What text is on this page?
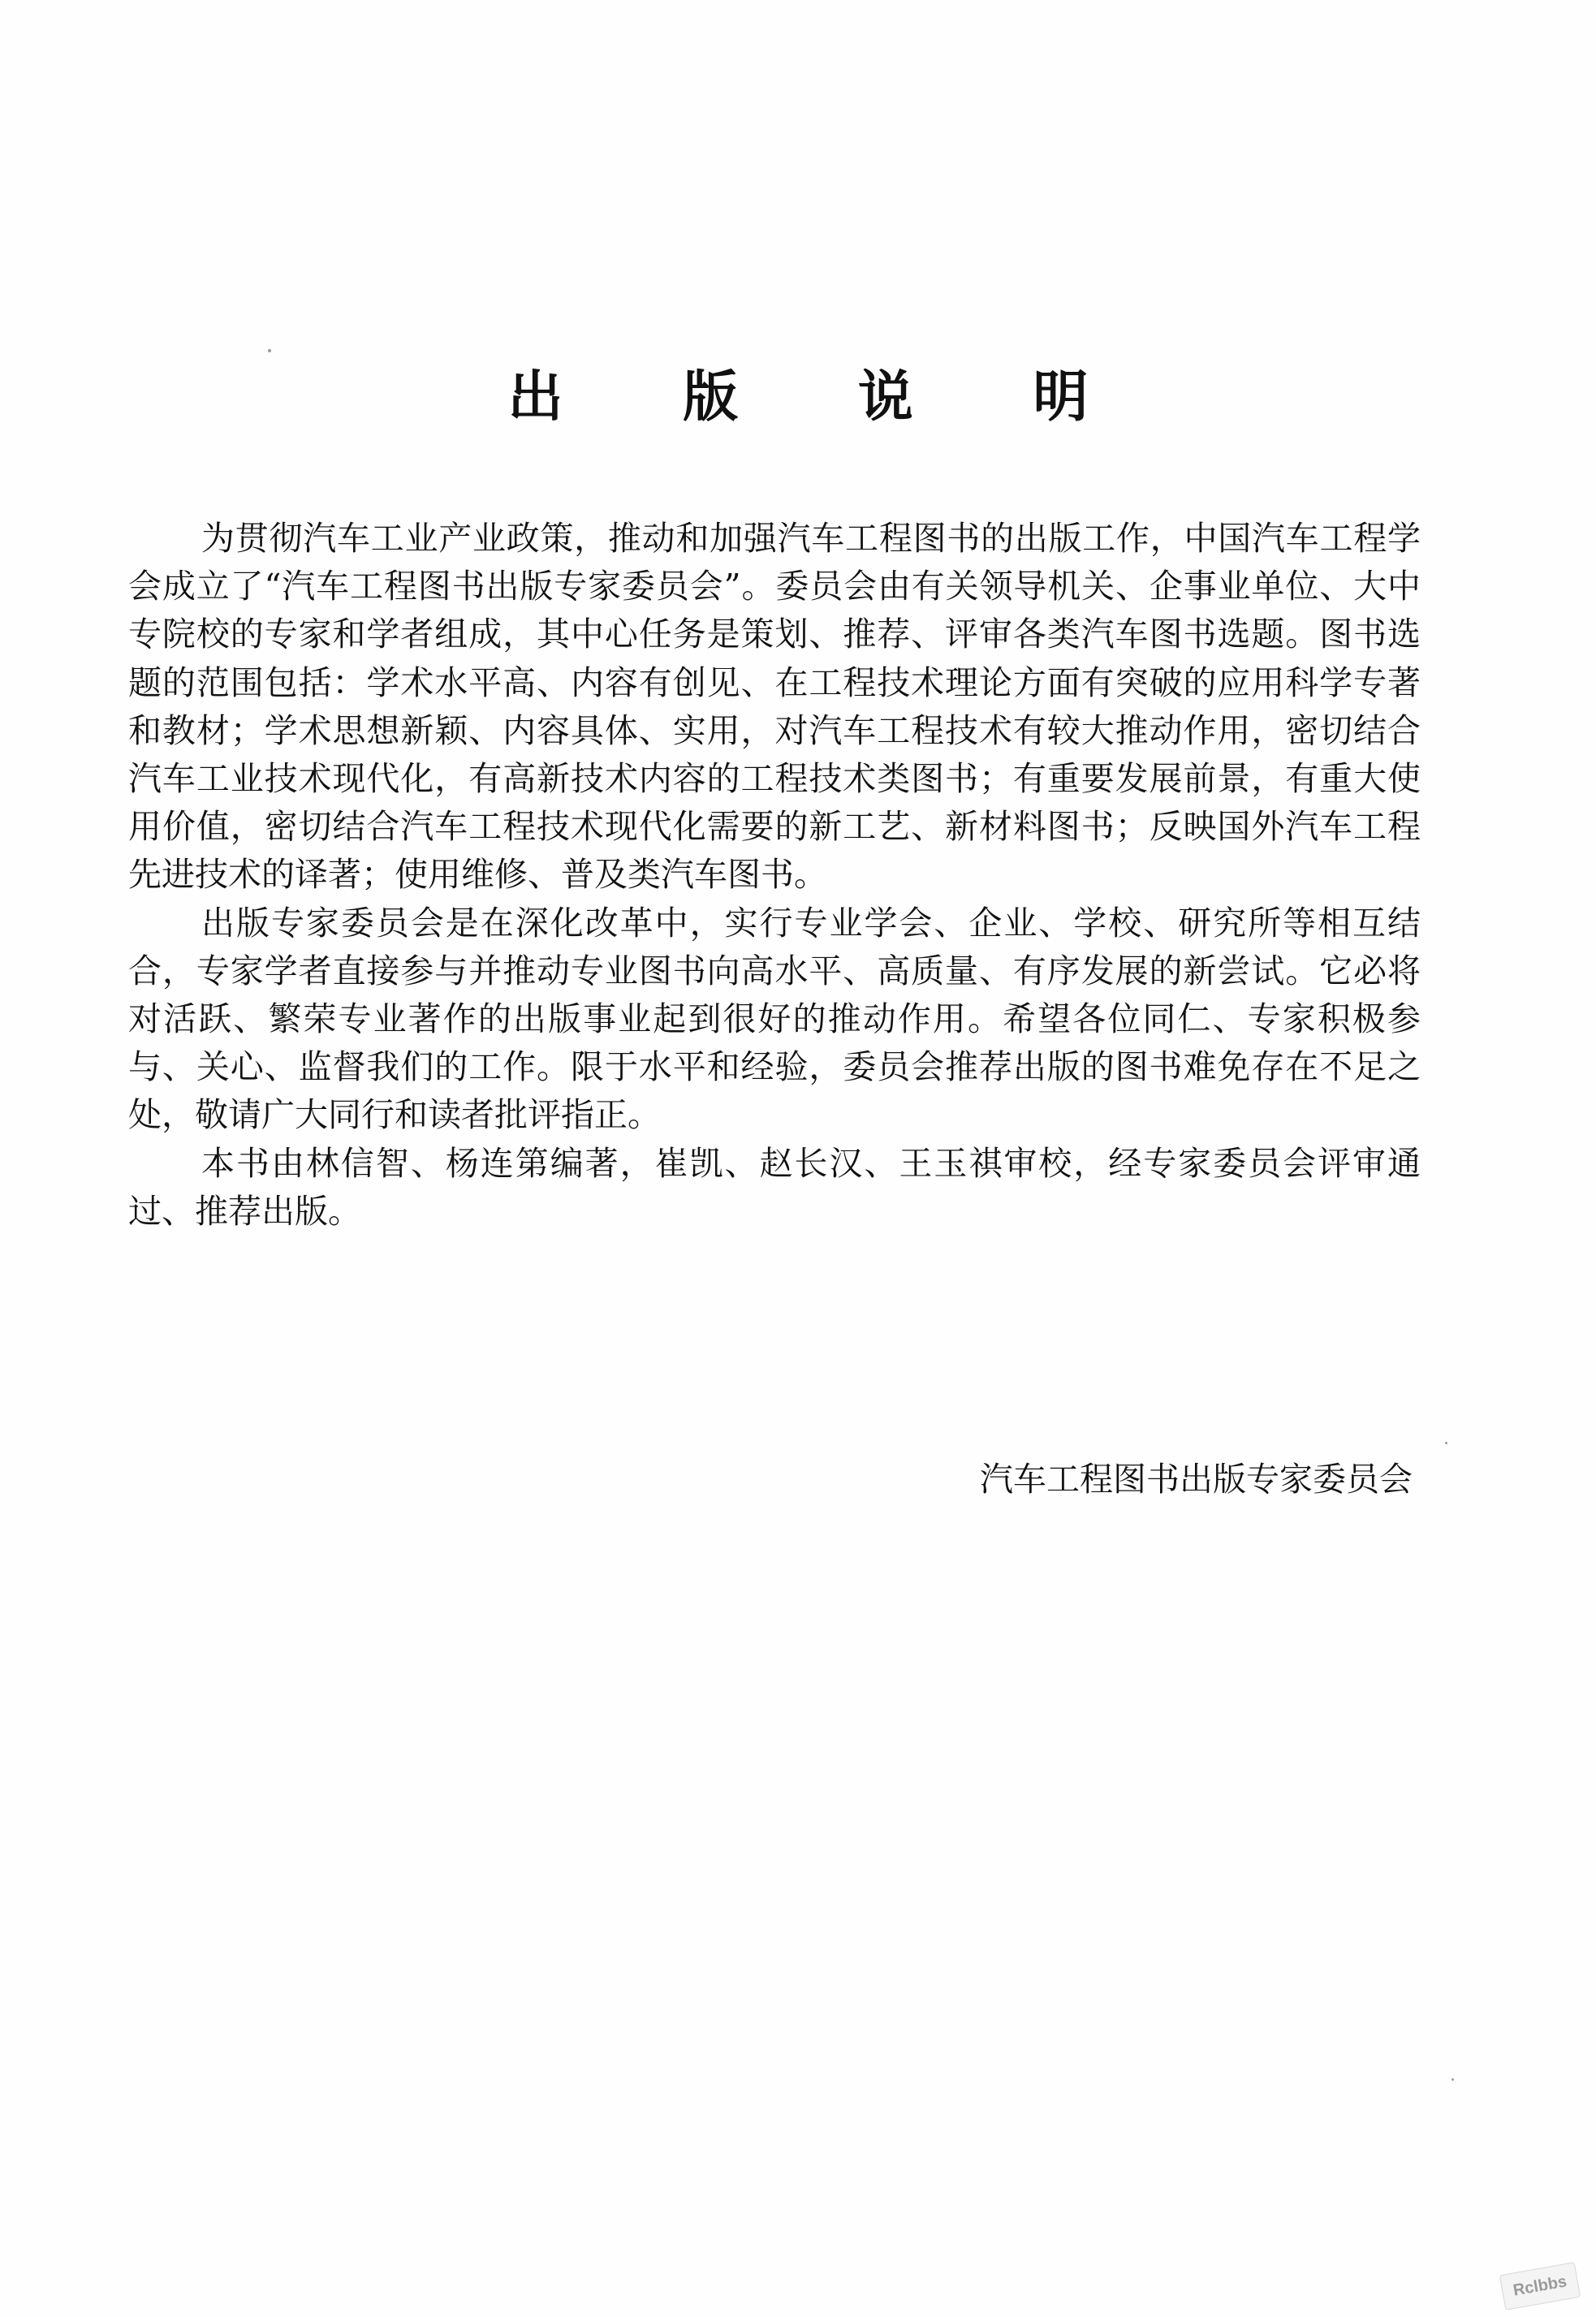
出 版 说 明

为贯彻汽车工业产业政策，推动和加强汽车工程图书的出版工作，中国汽车工程学会成立了“汽车工程图书出版专家委员会”。委员会由有关领导机关、企事业单位、大中专院校的专家和学者组成，其中心任务是策划、推荐、评审各类汽车图书选题。图书选题的范围包括：学术水平高、内容有创见、在工程技术理论方面有突破的应用科学专著和教材；学术思想新颖、内容具体、实用，对汽车工程技术有较大推动作用，密切结合汽车工业技术现代化，有高新技术内容的工程技术类图书；有重要发展前景，有重大使用价值，密切结合汽车工程技术现代化需要的新工艺、新材料图书；反映国外汽车工程先进技术的译著；使用维修、普及类汽车图书。

出版专家委员会是在深化改革中，实行专业学会、企业、学校、研究所等相互结合，专家学者直接参与并推动专业图书向高水平、高质量、有序发展的新尝试。它必将对活跃、繁荣专业著作的出版事业起到很好的推动作用。希望各位同仁、专家积极参与、关心、监督我们的工作。限于水平和经验，委员会推荐出版的图书难免存在不足之处，敬请广大同行和读者批评指正。

本书由林信智、杨连第编著，崔凯、赵长汉、王玉祺审校，经专家委员会评审通过、推荐出版。

汽车工程图书出版专家委员会
Rclbbs
